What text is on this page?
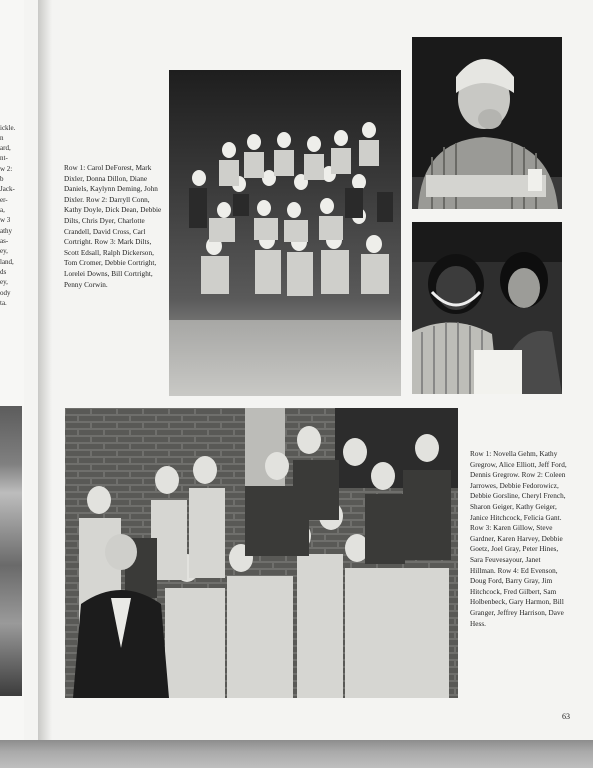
ickle.
n
ard,
nt-
w 2:
b
Jack-
er-
a,
w 3
athy
as-
ey,
land,
ds
ey,
ody
ta.

Row 1: Carol DeForest, Mark Dixler, Donna Dillon, Diane Daniels, Kaylynn Deming, John Dixler. Row 2: Darryll Conn, Kathy Doyle, Dick Dean, Debbie Dilts, Chris Dyer, Charlotte Crandell, David Cross, Carl Cortright. Row 3: Mark Dilts, Scott Edsall, Ralph Dickerson, Tom Cromer, Debbie Cortright, Lorelei Downs, Bill Cortright, Penny Corwin.

Row 1: Novella Gehm, Kathy Gregrow, Alice Elliott, Jeff Ford, Dennis Gregrow. Row 2: Coleen Jarrowes, Debbie Fedorowicz, Debbie Gorsline, Cheryl French, Sharon Geiger, Kathy Geiger, Janice Hitchcock, Felicia Gant. Row 3: Karen Gillow, Steve Gardner, Karen Harvey, Debbie Goetz, Joel Gray, Peter Hines, Sara Feuvesayour, Janet Hillman. Row 4: Ed Evenson, Doug Ford, Barry Gray, Jim Hitchcock, Fred Gilbert, Sam Holbenbeck, Gary Harmon, Bill Granger, Jeffrey Harrison, Dave Hess.

63
